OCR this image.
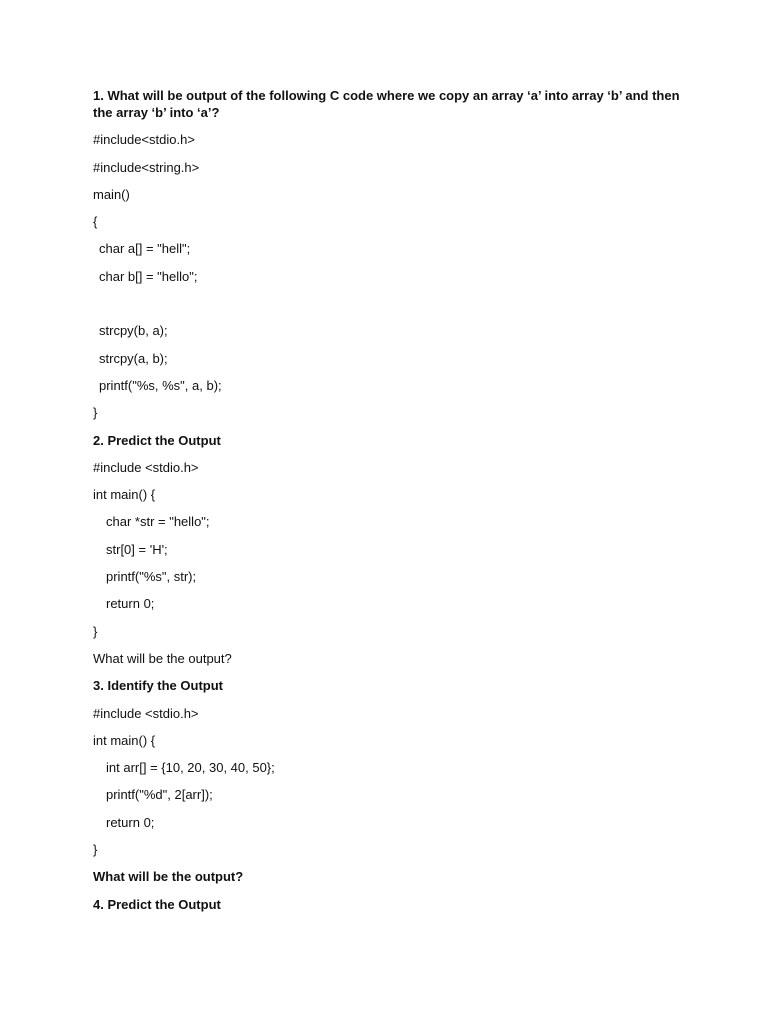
1. What will be output of the following C code where we copy an array ‘a’ into array ‘b’ and then the array ‘b’ into ‘a’?
#include<stdio.h>
#include<string.h>
main()
{
char a[] = "hell";
char b[] = "hello";
strcpy(b, a);
strcpy(a, b);
printf("%s, %s", a, b);
}
2. Predict the Output
#include <stdio.h>
int main() {
char *str = "hello";
str[0] = 'H';
printf("%s", str);
return 0;
}
What will be the output?
3. Identify the Output
#include <stdio.h>
int main() {
int arr[] = {10, 20, 30, 40, 50};
printf("%d", 2[arr]);
return 0;
}
What will be the output?
4. Predict the Output
